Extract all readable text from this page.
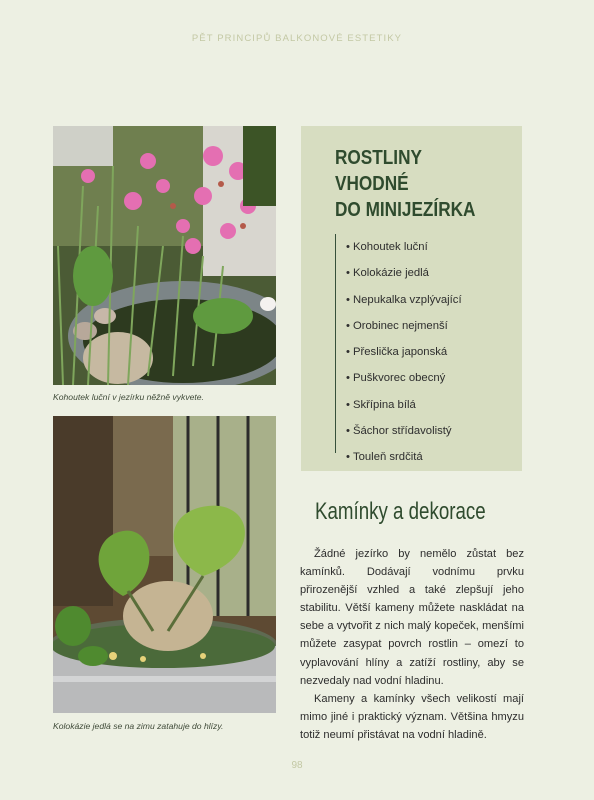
PĚT PRINCIPŮ BALKONOVÉ ESTETIKY
Kohoutek luční v jezírku něžně vykvete.
Kolokázie jedlá se na zimu zatahuje do hlízy.
ROSTLINY VHODNÉ
DO MINIJEZÍRKA
• Kohoutek luční
• Kolokázie jedlá
• Nepukalka vzplývající
• Orobinec nejmenší
• Přeslička japonská
• Puškvorec obecný
• Skřípina bílá
• Šáchor střídavolistý
• Touleň srdčitá
Kamínky a dekorace

Žádné jezírko by nemělo zůstat bez kamínků. Dodávají vodnímu prvku přirozenější vzhled a také zlepšují jeho stabilitu. Větší kameny můžete naskládat na sebe a vytvořit z nich malý kopeček, menšími můžete zasypat povrch rostlin – omezí to vyplavování hlíny a zatíží rostliny, aby se nezvedaly nad vodní hladinu.

Kameny a kamínky všech velikostí mají mimo jiné i praktický význam. Většina hmyzu totiž neumí přistávat na vodní hladině.

98
